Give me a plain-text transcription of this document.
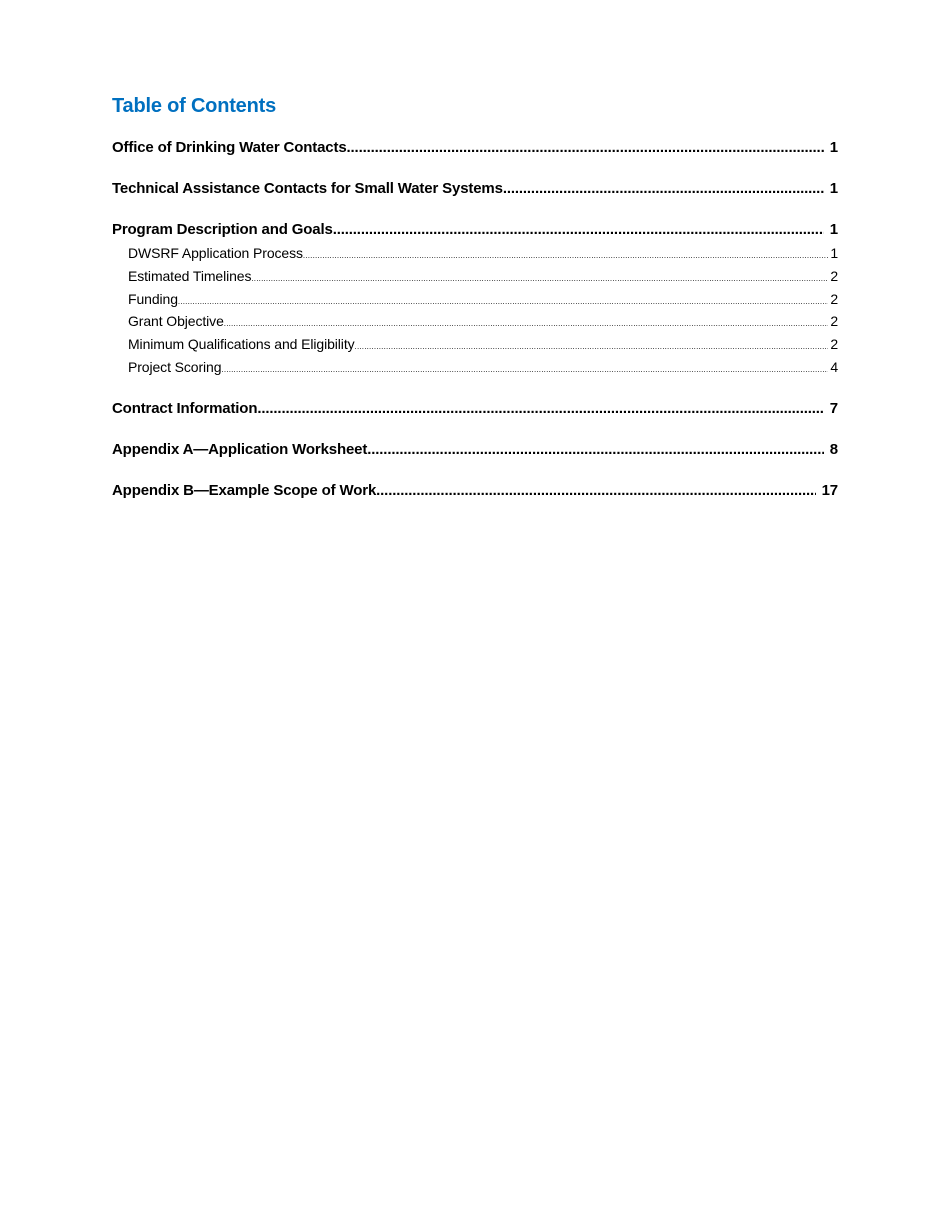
Table of Contents
Office of Drinking Water Contacts .....	1
Technical Assistance Contacts for Small Water Systems .....	1
Program Description and Goals .....	1
DWSRF Application Process .....	1
Estimated Timelines .....	2
Funding .....	2
Grant Objective .....	2
Minimum Qualifications and Eligibility .....	2
Project Scoring .....	4
Contract Information .....	7
Appendix A—Application Worksheet .....	8
Appendix B—Example Scope of Work .....	17
